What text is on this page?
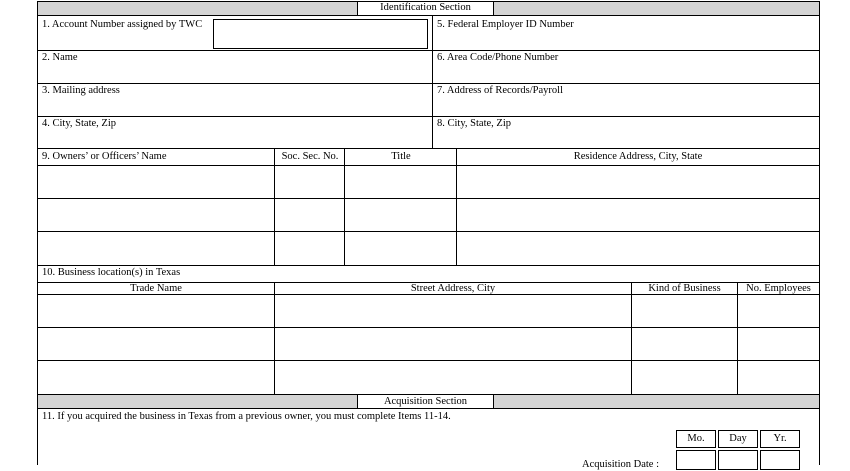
Identification Section
1. Account Number assigned by TWC	5. Federal Employer ID Number
2. Name	6. Area Code/Phone Number
3. Mailing address	7. Address of Records/Payroll
4. City, State, Zip	8. City, State, Zip
9. Owners’ or Officers’ Name	Soc. Sec. No.	Title	Residence Address, City, State
10. Business location(s) in Texas
Trade Name	Street Address, City	Kind of Business	No. Employees
Acquisition Section
11. If you acquired the business in Texas from a previous owner, you must complete Items 11-14.
Mo.	Day	Yr.
Acquisition Date :
